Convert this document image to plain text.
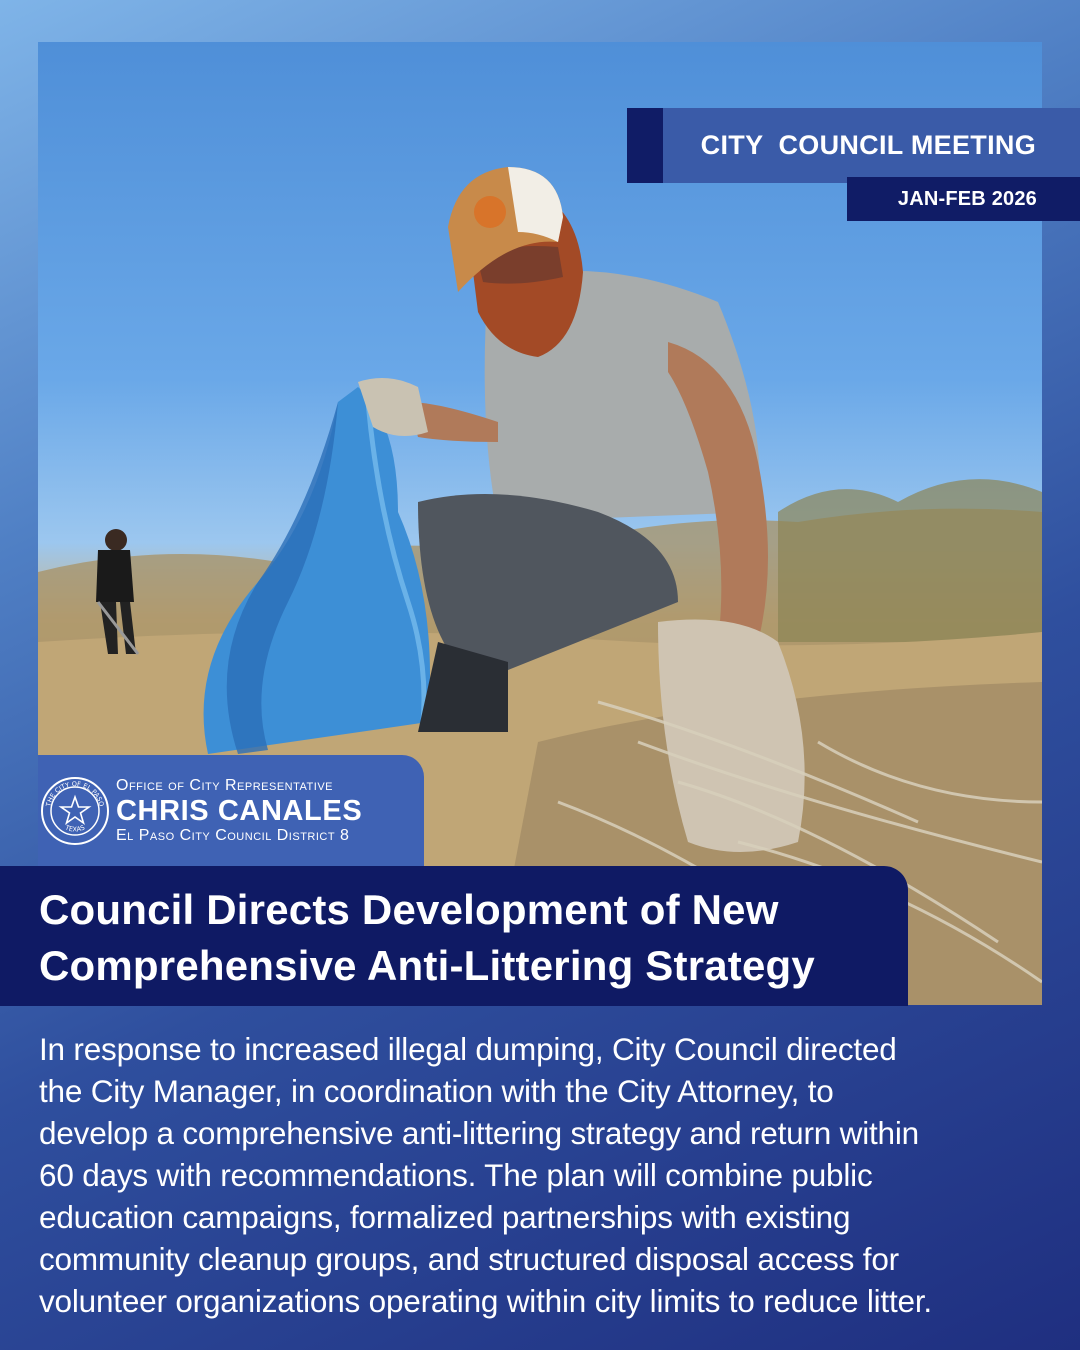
CITY  COUNCIL MEETING
JAN-FEB 2026
THE CITY OF EL PASO
TEXAS
Office of City Representative
CHRIS CANALES
El Paso City Council District 8
Council Directs Development of New
Comprehensive Anti-Littering Strategy

In response to increased illegal dumping, City Council directed
the City Manager, in coordination with the City Attorney, to
develop a comprehensive anti-littering strategy and return within
60 days with recommendations. The plan will combine public
education campaigns, formalized partnerships with existing
community cleanup groups, and structured disposal access for
volunteer organizations operating within city limits to reduce litter.
